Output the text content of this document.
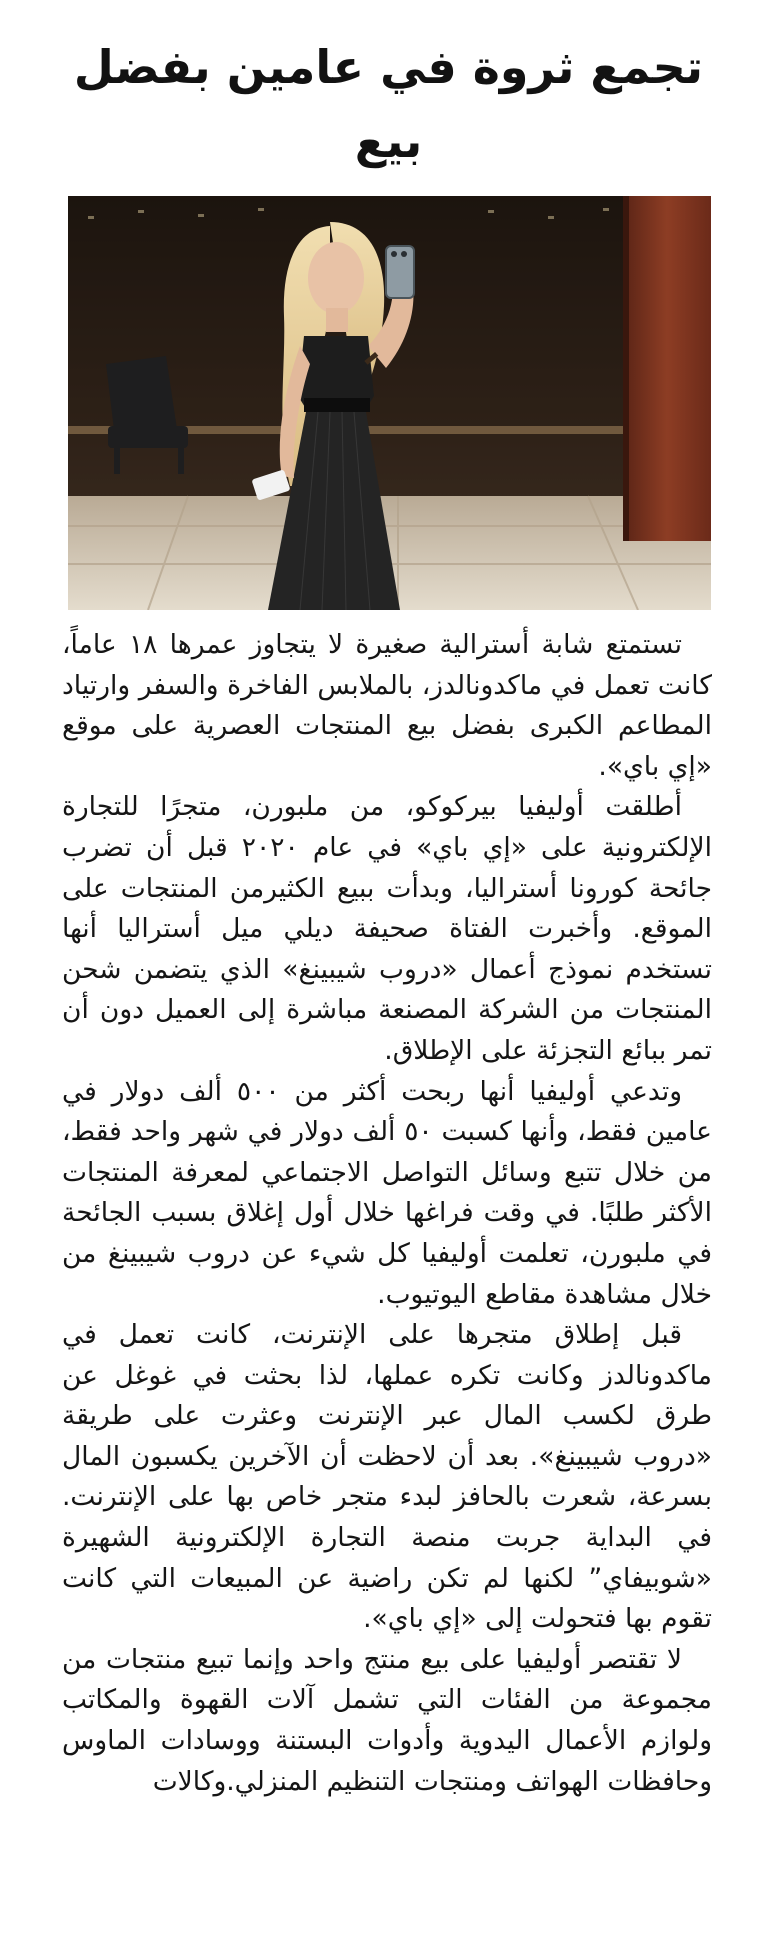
تجمع ثروة في عامين بفضل بيع

تستمتع شابة أسترالية صغيرة لا يتجاوز عمرها ١٨ عاماً، كانت تعمل في ماكدونالدز، بالملابس الفاخرة والسفر وارتياد المطاعم الكبرى بفضل بيع المنتجات العصرية على موقع «إي باي».

أطلقت أوليفيا بيركوكو، من ملبورن، متجرًا للتجارة الإلكترونية على «إي باي» في عام ٢٠٢٠ قبل أن تضرب جائحة كورونا أستراليا، وبدأت ببيع الكثيرمن المنتجات على الموقع. وأخبرت الفتاة صحيفة ديلي ميل أستراليا أنها تستخدم نموذج أعمال «دروب شيبينغ» الذي يتضمن شحن المنتجات من الشركة المصنعة مباشرة إلى العميل دون أن تمر ببائع التجزئة على الإطلاق.

وتدعي أوليفيا أنها ربحت أكثر من ٥٠٠ ألف دولار في عامين فقط، وأنها كسبت ٥٠ ألف دولار في شهر واحد فقط، من خلال تتبع وسائل التواصل الاجتماعي لمعرفة المنتجات الأكثر طلبًا. في وقت فراغها خلال أول إغلاق بسبب الجائحة في ملبورن، تعلمت أوليفيا كل شيء عن دروب شيبينغ من خلال مشاهدة مقاطع اليوتيوب.

قبل إطلاق متجرها على الإنترنت، كانت تعمل في ماكدونالدز وكانت تكره عملها، لذا بحثت في غوغل عن طرق لكسب المال عبر الإنترنت وعثرت على طريقة «دروب شيبينغ». بعد أن لاحظت أن الآخرين يكسبون المال بسرعة، شعرت بالحافز لبدء متجر خاص بها على الإنترنت. في البداية جربت منصة التجارة الإلكترونية الشهيرة «شوبيفاي” لكنها لم تكن راضية عن المبيعات التي كانت تقوم بها فتحولت إلى «إي باي».

لا تقتصر أوليفيا على بيع منتج واحد وإنما تبيع منتجات من مجموعة من الفئات التي تشمل آلات القهوة والمكاتب ولوازم الأعمال اليدوية وأدوات البستنة ووسادات الماوس وحافظات الهواتف ومنتجات التنظيم المنزلي.وكالات
